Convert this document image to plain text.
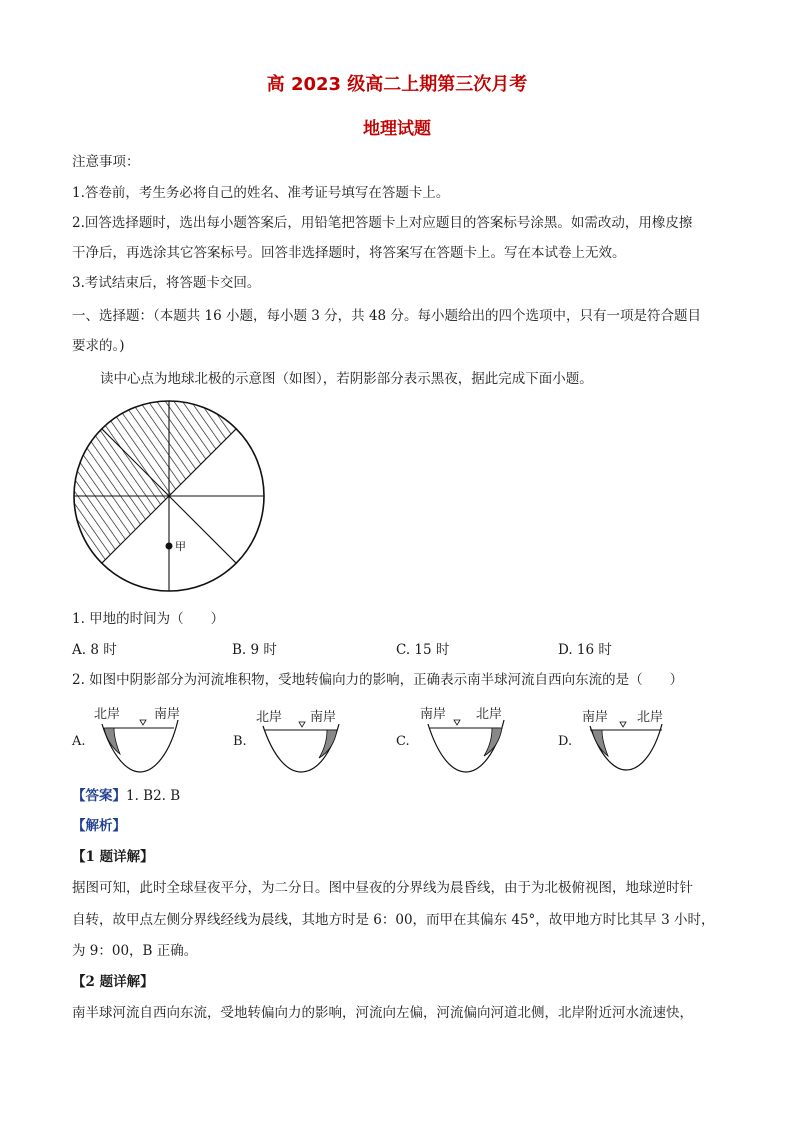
高 2023 级高二上期第三次月考
地理试题
注意事项：
1.答卷前，考生务必将自己的姓名、准考证号填写在答题卡上。
2.回答选择题时，选出每小题答案后，用铅笔把答题卡上对应题目的答案标号涂黑。如需改动，用橡皮擦
干净后，再选涂其它答案标号。回答非选择题时，将答案写在答题卡上。写在本试卷上无效。
3.考试结束后，将答题卡交回。
一、选择题：（本题共 16 小题，每小题 3 分，共 48 分。每小题给出的四个选项中，只有一项是符合题目
要求的。)
读中心点为地球北极的示意图（如图），若阴影部分表示黑夜，据此完成下面小题。
甲
1. 甲地的时间为（　　）
A. 8 时	B. 9 时	C. 15 时	D. 16 时
2. 如图中阴影部分为河流堆积物，受地转偏向力的影响，正确表示南半球河流自西向东流的是（　　）
A.
北岸	南岸
B.
北岸 南岸
C.
南岸 北岸
D.
南岸 北岸
【答案】1. B2. B
【解析】
【1 题详解】
据图可知，此时全球昼夜平分，为二分日。图中昼夜的分界线为晨昏线，由于为北极俯视图，地球逆时针
自转，故甲点左侧分界线经线为晨线，其地方时是 6：00，而甲在其偏东 45°，故甲地方时比其早 3 小时，
为 9：00，B 正确。
【2 题详解】
南半球河流自西向东流，受地转偏向力的影响，河流向左偏，河流偏向河道北侧，北岸附近河水流速快，
